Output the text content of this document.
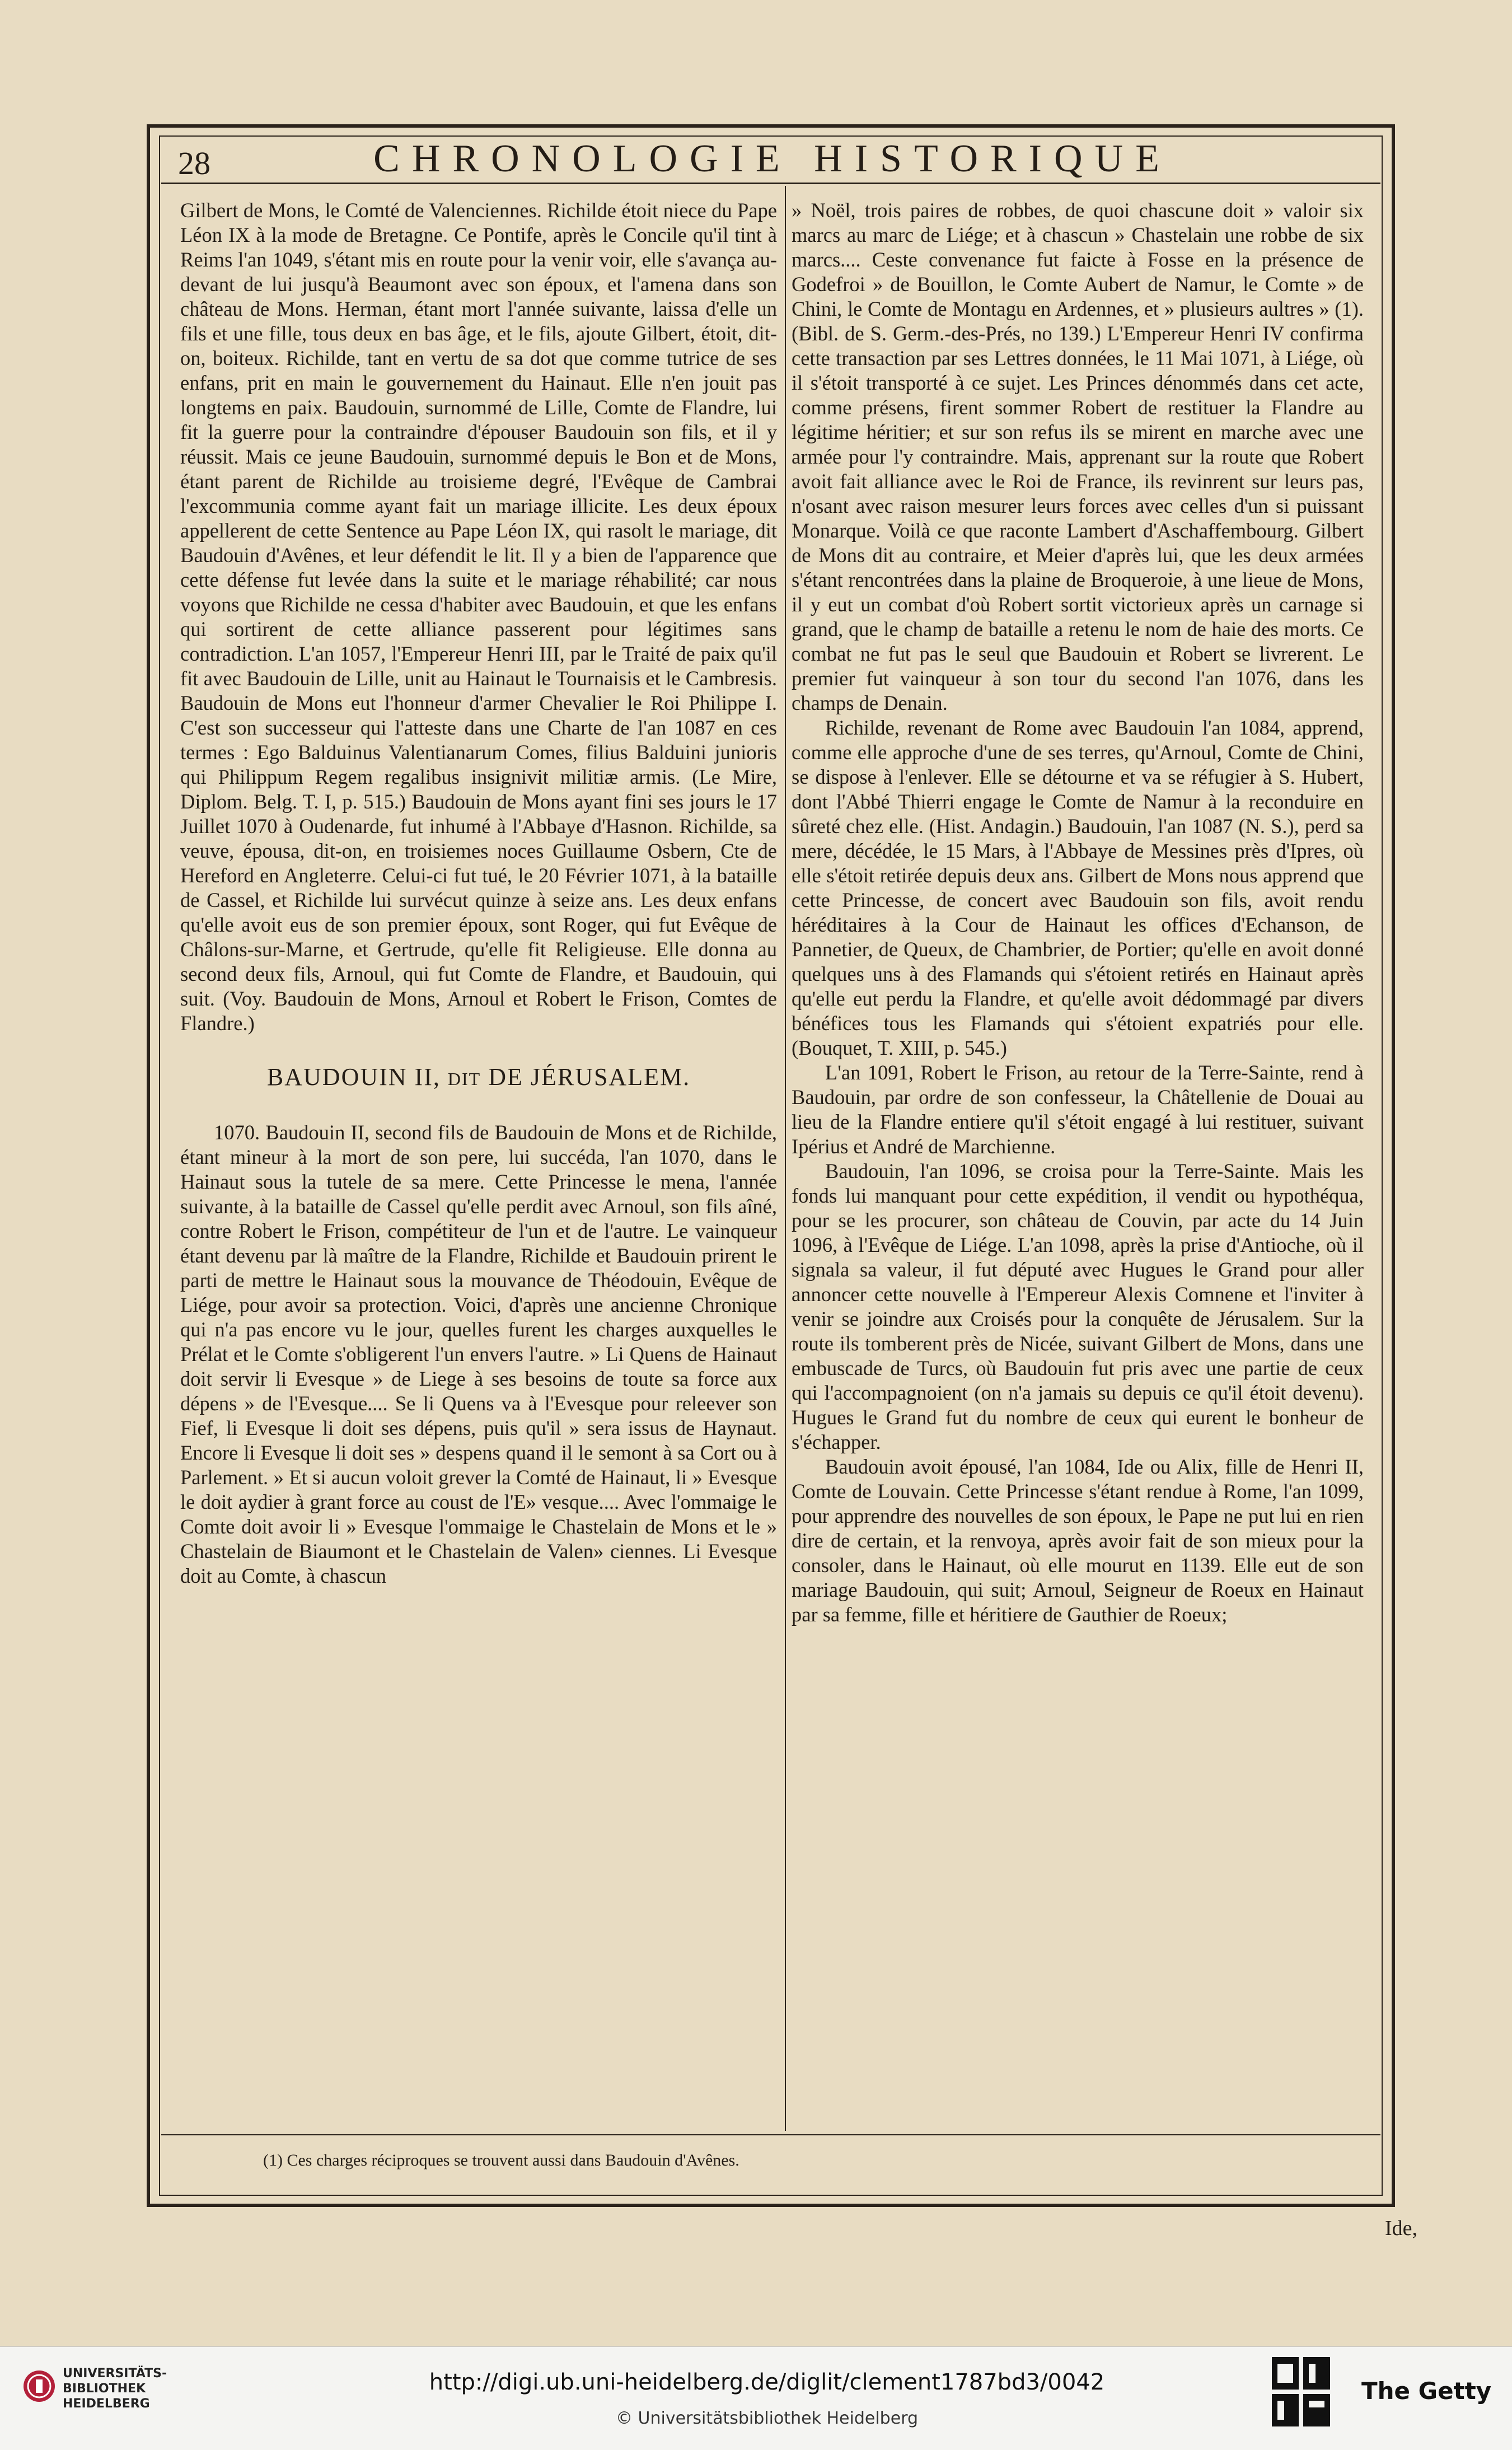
28	CHRONOLOGIE HISTORIQUE

Gilbert de Mons, le Comté de Valenciennes. Richilde étoit niece du Pape Léon IX à la mode de Bretagne. Ce Pontife, après le Concile qu'il tint à Reims l'an 1049, s'étant mis en route pour la venir voir, elle s'avança au-devant de lui jusqu'à Beaumont avec son époux, et l'amena dans son château de Mons. Herman, étant mort l'année suivante, laissa d'elle un fils et une fille, tous deux en bas âge, et le fils, ajoute Gilbert, étoit, dit-on, boiteux. Richilde, tant en vertu de sa dot que comme tutrice de ses enfans, prit en main le gouvernement du Hainaut. Elle n'en jouit pas longtems en paix. Baudouin, surnommé de Lille, Comte de Flandre, lui fit la guerre pour la contraindre d'épouser Baudouin son fils, et il y réussit. Mais ce jeune Baudouin, surnommé depuis le Bon et de Mons, étant parent de Richilde au troisieme degré, l'Evêque de Cambrai l'excommunia comme ayant fait un mariage illicite. Les deux époux appellerent de cette Sentence au Pape Léon IX, qui rasolt le mariage, dit Baudouin d'Avênes, et leur défendit le lit. Il y a bien de l'apparence que cette défense fut levée dans la suite et le mariage réhabilité; car nous voyons que Richilde ne cessa d'habiter avec Baudouin, et que les enfans qui sortirent de cette alliance passerent pour légitimes sans contradiction. L'an 1057, l'Empereur Henri III, par le Traité de paix qu'il fit avec Baudouin de Lille, unit au Hainaut le Tournaisis et le Cambresis. Baudouin de Mons eut l'honneur d'armer Chevalier le Roi Philippe I. C'est son successeur qui l'atteste dans une Charte de l'an 1087 en ces termes : Ego Balduinus Valentianarum Comes, filius Balduini junioris qui Philippum Regem regalibus insignivit militiæ armis. (Le Mire, Diplom. Belg. T. I, p. 515.) Baudouin de Mons ayant fini ses jours le 17 Juillet 1070 à Oudenarde, fut inhumé à l'Abbaye d'Hasnon. Richilde, sa veuve, épousa, dit-on, en troisiemes noces Guillaume Osbern, Cte de Hereford en Angleterre. Celui-ci fut tué, le 20 Février 1071, à la bataille de Cassel, et Richilde lui survécut quinze à seize ans. Les deux enfans qu'elle avoit eus de son premier époux, sont Roger, qui fut Evêque de Châlons-sur-Marne, et Gertrude, qu'elle fit Religieuse. Elle donna au second deux fils, Arnoul, qui fut Comte de Flandre, et Baudouin, qui suit. (Voy. Baudouin de Mons, Arnoul et Robert le Frison, Comtes de Flandre.)

BAUDOUIN II, DIT DE JÉRUSALEM.

1070. Baudouin II, second fils de Baudouin de Mons et de Richilde, étant mineur à la mort de son pere, lui succéda, l'an 1070, dans le Hainaut sous la tutele de sa mere. Cette Princesse le mena, l'année suivante, à la bataille de Cassel qu'elle perdit avec Arnoul, son fils aîné, contre Robert le Frison, compétiteur de l'un et de l'autre. Le vainqueur étant devenu par là maître de la Flandre, Richilde et Baudouin prirent le parti de mettre le Hainaut sous la mouvance de Théodouin, Evêque de Liége, pour avoir sa protection. Voici, d'après une ancienne Chronique qui n'a pas encore vu le jour, quelles furent les charges auxquelles le Prélat et le Comte s'obligerent l'un envers l'autre. » Li Quens de Hainaut doit servir li Evesque » de Liege à ses besoins de toute sa force aux dépens » de l'Evesque.... Se li Quens va à l'Evesque pour releever son Fief, li Evesque li doit ses dépens, puis qu'il » sera issus de Haynaut. Encore li Evesque li doit ses » despens quand il le semont à sa Cort ou à Parlement. » Et si aucun voloit grever la Comté de Hainaut, li » Evesque le doit aydier à grant force au coust de l'E» vesque.... Avec l'ommaige le Comte doit avoir li » Evesque l'ommaige le Chastelain de Mons et le » Chastelain de Biaumont et le Chastelain de Valen» ciennes. Li Evesque doit au Comte, à chascun

» Noël, trois paires de robbes, de quoi chascune doit » valoir six marcs au marc de Liége; et à chascun » Chastelain une robbe de six marcs.... Ceste convenance fut faicte à Fosse en la présence de Godefroi » de Bouillon, le Comte Aubert de Namur, le Comte » de Chini, le Comte de Montagu en Ardennes, et » plusieurs aultres » (1). (Bibl. de S. Germ.-des-Prés, no 139.) L'Empereur Henri IV confirma cette transaction par ses Lettres données, le 11 Mai 1071, à Liége, où il s'étoit transporté à ce sujet. Les Princes dénommés dans cet acte, comme présens, firent sommer Robert de restituer la Flandre au légitime héritier; et sur son refus ils se mirent en marche avec une armée pour l'y contraindre. Mais, apprenant sur la route que Robert avoit fait alliance avec le Roi de France, ils revinrent sur leurs pas, n'osant avec raison mesurer leurs forces avec celles d'un si puissant Monarque. Voilà ce que raconte Lambert d'Aschaffembourg. Gilbert de Mons dit au contraire, et Meier d'après lui, que les deux armées s'étant rencontrées dans la plaine de Broqueroie, à une lieue de Mons, il y eut un combat d'où Robert sortit victorieux après un carnage si grand, que le champ de bataille a retenu le nom de haie des morts. Ce combat ne fut pas le seul que Baudouin et Robert se livrerent. Le premier fut vainqueur à son tour du second l'an 1076, dans les champs de Denain.

Richilde, revenant de Rome avec Baudouin l'an 1084, apprend, comme elle approche d'une de ses terres, qu'Arnoul, Comte de Chini, se dispose à l'enlever. Elle se détourne et va se réfugier à S. Hubert, dont l'Abbé Thierri engage le Comte de Namur à la reconduire en sûreté chez elle. (Hist. Andagin.) Baudouin, l'an 1087 (N. S.), perd sa mere, décédée, le 15 Mars, à l'Abbaye de Messines près d'Ipres, où elle s'étoit retirée depuis deux ans. Gilbert de Mons nous apprend que cette Princesse, de concert avec Baudouin son fils, avoit rendu héréditaires à la Cour de Hainaut les offices d'Echanson, de Pannetier, de Queux, de Chambrier, de Portier; qu'elle en avoit donné quelques uns à des Flamands qui s'étoient retirés en Hainaut après qu'elle eut perdu la Flandre, et qu'elle avoit dédommagé par divers bénéfices tous les Flamands qui s'étoient expatriés pour elle. (Bouquet, T. XIII, p. 545.)

L'an 1091, Robert le Frison, au retour de la Terre-Sainte, rend à Baudouin, par ordre de son confesseur, la Châtellenie de Douai au lieu de la Flandre entiere qu'il s'étoit engagé à lui restituer, suivant Ipérius et André de Marchienne.

Baudouin, l'an 1096, se croisa pour la Terre-Sainte. Mais les fonds lui manquant pour cette expédition, il vendit ou hypothéqua, pour se les procurer, son château de Couvin, par acte du 14 Juin 1096, à l'Evêque de Liége. L'an 1098, après la prise d'Antioche, où il signala sa valeur, il fut député avec Hugues le Grand pour aller annoncer cette nouvelle à l'Empereur Alexis Comnene et l'inviter à venir se joindre aux Croisés pour la conquête de Jérusalem. Sur la route ils tomberent près de Nicée, suivant Gilbert de Mons, dans une embuscade de Turcs, où Baudouin fut pris avec une partie de ceux qui l'accompagnoient (on n'a jamais su depuis ce qu'il étoit devenu). Hugues le Grand fut du nombre de ceux qui eurent le bonheur de s'échapper.

Baudouin avoit épousé, l'an 1084, Ide ou Alix, fille de Henri II, Comte de Louvain. Cette Princesse s'étant rendue à Rome, l'an 1099, pour apprendre des nouvelles de son époux, le Pape ne put lui en rien dire de certain, et la renvoya, après avoir fait de son mieux pour la consoler, dans le Hainaut, où elle mourut en 1139. Elle eut de son mariage Baudouin, qui suit; Arnoul, Seigneur de Roeux en Hainaut par sa femme, fille et héritiere de Gauthier de Roeux;

(1) Ces charges réciproques se trouvent aussi dans Baudouin d'Avênes.
Ide,
UNIVERSITÄTS-
BIBLIOTHEK
HEIDELBERG
http://digi.ub.uni-heidelberg.de/diglit/clement1787bd3/0042
© Universitätsbibliothek Heidelberg
The Getty
